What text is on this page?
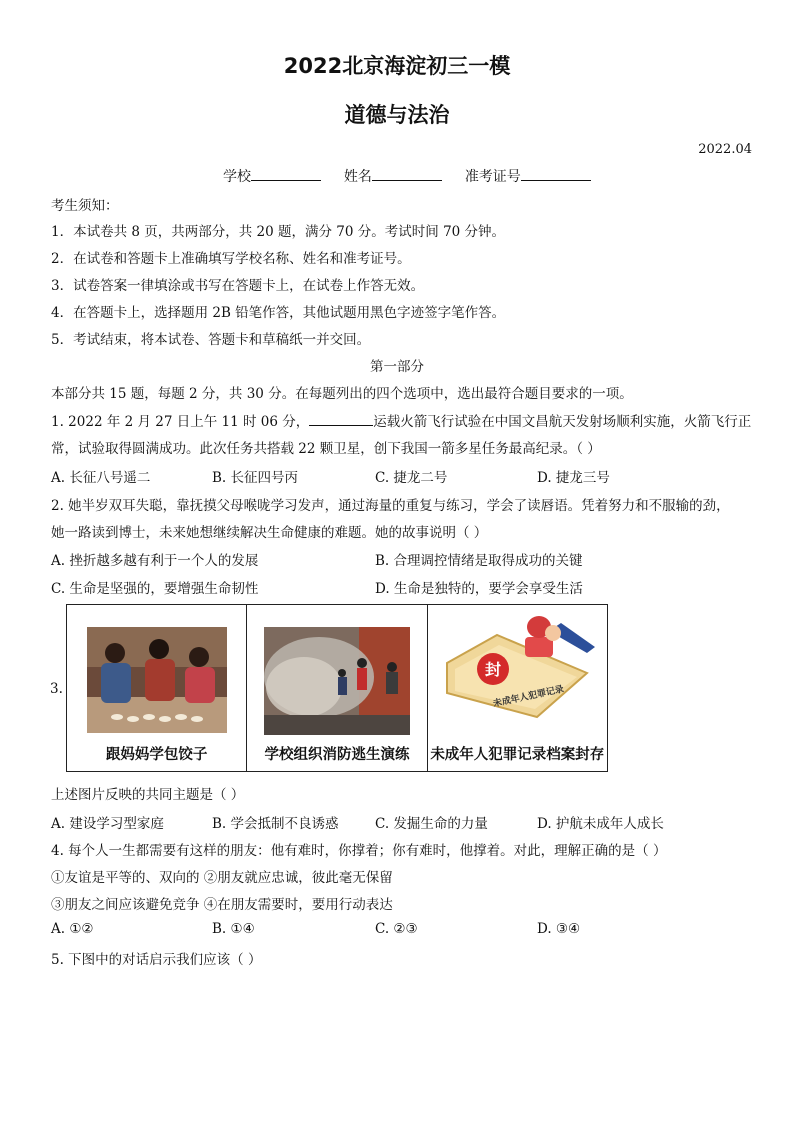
2022北京海淀初三一模
道德与法治
2022.04
学校	姓名	准考证号
考生须知：
1．本试卷共 8 页，共两部分，共 20 题，满分 70 分。考试时间 70 分钟。
2．在试卷和答题卡上准确填写学校名称、姓名和准考证号。
3．试卷答案一律填涂或书写在答题卡上，在试卷上作答无效。
4．在答题卡上，选择题用 2B 铅笔作答，其他试题用黑色字迹签字笔作答。
5．考试结束，将本试卷、答题卡和草稿纸一并交回。
第一部分
本部分共 15 题，每题 2 分，共 30 分。在每题列出的四个选项中，选出最符合题目要求的一项。
1. 2022 年 2 月 27 日上午 11 时 06 分，	运载火箭飞行试验在中国文昌航天发射场顺利实施，火箭飞行正
常，试验取得圆满成功。此次任务共搭载 22 颗卫星，创下我国一箭多星任务最高纪录。（ ）
A. 长征八号遥二	B. 长征四号丙	C. 捷龙二号	D. 捷龙三号
2. 她半岁双耳失聪，靠抚摸父母喉咙学习发声，通过海量的重复与练习，学会了读唇语。凭着努力和不服输的劲，
她一路读到博士，未来她想继续解决生命健康的难题。她的故事说明（ ）
A. 挫折越多越有利于一个人的发展	B. 合理调控情绪是取得成功的关键
C. 生命是坚强的，要增强生命韧性	D. 生命是独特的，要学会享受生活
3.
跟妈妈学包饺子	学校组织消防逃生演练
封
未成年人犯罪记录
未成年人犯罪记录档案封存
上述图片反映的共同主题是（ ）
A. 建设学习型家庭	B. 学会抵制不良诱惑	C. 发掘生命的力量	D. 护航未成年人成长
4. 每个人一生都需要有这样的朋友：他有难时，你撑着；你有难时，他撑着。对此，理解正确的是（ ）
①友谊是平等的、双向的 ②朋友就应忠诚，彼此毫无保留
③朋友之间应该避免竞争 ④在朋友需要时，要用行动表达
A. ①②	B. ①④	C. ②③	D. ③④
5. 下图中的对话启示我们应该（ ）
